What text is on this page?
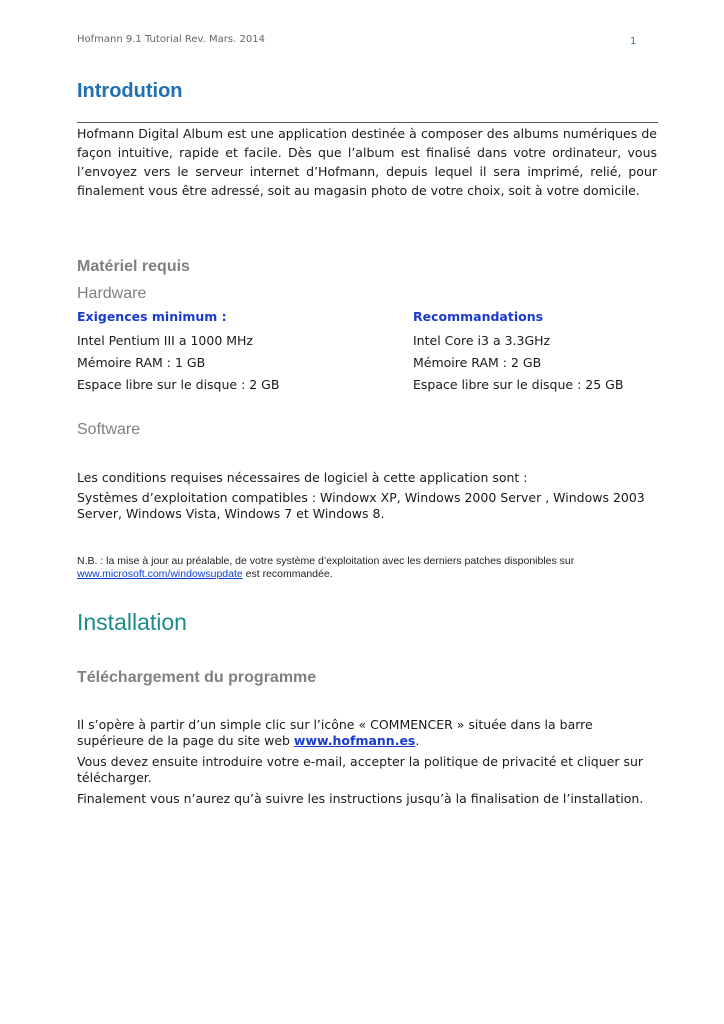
Hofmann 9.1 Tutorial Rev. Mars. 2014	1
Introdution
Hofmann Digital Album est une application destinée à composer des albums numériques de façon intuitive, rapide et facile. Dès que l’album est finalisé dans votre ordinateur, vous l’envoyez vers le serveur internet d’Hofmann, depuis lequel il sera imprimé, relié, pour finalement vous être adressé, soit au magasin photo de votre choix, soit à votre domicile.
Matériel requis
Hardware
Exigences minimum :	Recommandations
Intel Pentium III a 1000 MHz
Mémoire RAM : 1 GB
Espace libre sur le disque : 2 GB
Intel Core i3 a 3.3GHz
Mémoire RAM : 2 GB
Espace libre sur le disque : 25 GB
Software
Les conditions requises nécessaires de logiciel à cette application sont :
Systèmes d’exploitation compatibles : Windowx XP, Windows 2000 Server , Windows 2003 Server, Windows Vista, Windows 7 et Windows 8.
N.B. : la mise à jour au préalable, de votre système d’exploitation avec les derniers patches disponibles sur
www.microsoft.com/windowsupdate est recommandée.
Installation
Téléchargement du programme
Il s’opère à partir d’un simple clic sur l’icône « COMMENCER » située dans la barre supérieure de la page du site web www.hofmann.es.
Vous devez ensuite introduire votre e-mail, accepter la politique de privacité et cliquer sur télécharger.
Finalement vous n’aurez qu’à suivre les instructions jusqu’à la finalisation de l’installation.
